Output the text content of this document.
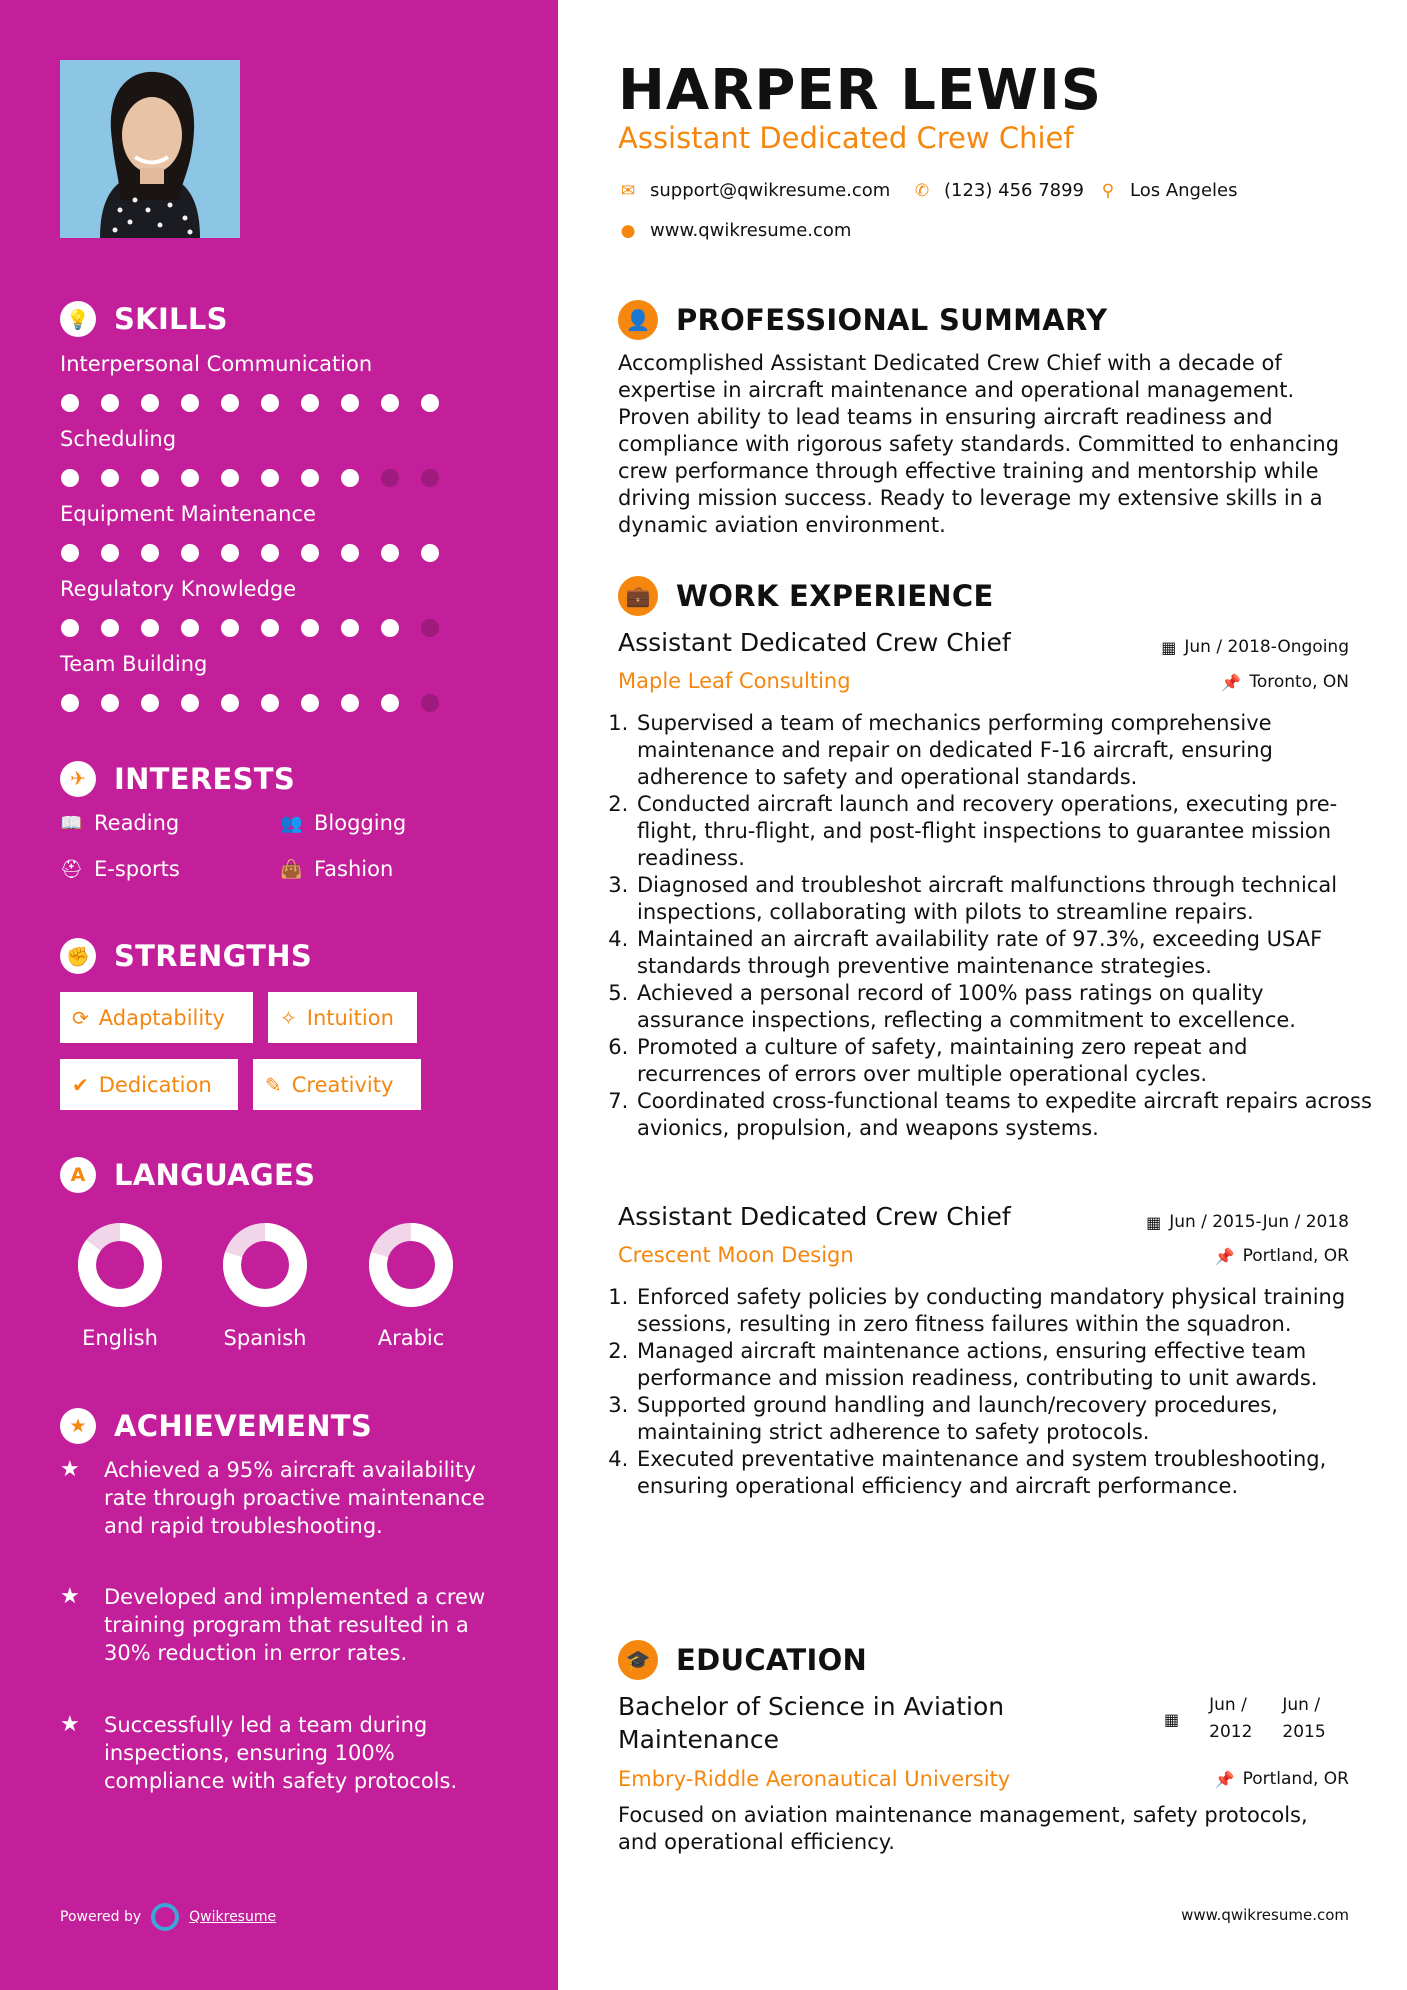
💡 SKILLS
Interpersonal Communication
Scheduling
Equipment Maintenance
Regulatory Knowledge
Team Building
✈ INTERESTS
📖 Reading	👥 Blogging
⛑ E-sports	👜 Fashion
✊ STRENGTHS
⟳ Adaptability	✧ Intuition
✔ Dedication	✎ Creativity
A LANGUAGES
English	Spanish	Arabic
★ ACHIEVEMENTS
★	Achieved a 95% aircraft availability rate through proactive maintenance and rapid troubleshooting.
★	Developed and implemented a crew training program that resulted in a 30% reduction in error rates.
★	Successfully led a team during inspections, ensuring 100% compliance with safety protocols.
Powered by	Qwikresume
HARPER LEWIS
Assistant Dedicated Crew Chief
✉ support@qwikresume.com ✆ (123) 456 7899 ⚲ Los Angeles
● www.qwikresume.com
👤 PROFESSIONAL SUMMARY
Accomplished Assistant Dedicated Crew Chief with a decade of expertise in aircraft maintenance and operational management. Proven ability to lead teams in ensuring aircraft readiness and compliance with rigorous safety standards. Committed to enhancing crew performance through effective training and mentorship while driving mission success. Ready to leverage my extensive skills in a dynamic aviation environment.
💼 WORK EXPERIENCE
Assistant Dedicated Crew Chief	▦ Jun / 2018-Ongoing
Maple Leaf Consulting	📌 Toronto, ON
1. Supervised a team of mechanics performing comprehensive maintenance and repair on dedicated F-16 aircraft, ensuring adherence to safety and operational standards.
2. Conducted aircraft launch and recovery operations, executing pre-flight, thru-flight, and post-flight inspections to guarantee mission readiness.
3. Diagnosed and troubleshot aircraft malfunctions through technical inspections, collaborating with pilots to streamline repairs.
4. Maintained an aircraft availability rate of 97.3%, exceeding USAF standards through preventive maintenance strategies.
5. Achieved a personal record of 100% pass ratings on quality assurance inspections, reflecting a commitment to excellence.
6. Promoted a culture of safety, maintaining zero repeat and recurrences of errors over multiple operational cycles.
7. Coordinated cross-functional teams to expedite aircraft repairs across avionics, propulsion, and weapons systems.
Assistant Dedicated Crew Chief	▦ Jun / 2015-Jun / 2018
Crescent Moon Design	📌 Portland, OR
1. Enforced safety policies by conducting mandatory physical training sessions, resulting in zero fitness failures within the squadron.
2. Managed aircraft maintenance actions, ensuring effective team performance and mission readiness, contributing to unit awards.
3. Supported ground handling and launch/recovery procedures, maintaining strict adherence to safety protocols.
4. Executed preventative maintenance and system troubleshooting, ensuring operational efficiency and aircraft performance.
🎓 EDUCATION
Bachelor of Science in Aviation Maintenance
▦
Jun /
2012
Jun /
2015
Embry-Riddle Aeronautical University	📌 Portland, OR
Focused on aviation maintenance management, safety protocols, and operational efficiency.
www.qwikresume.com
